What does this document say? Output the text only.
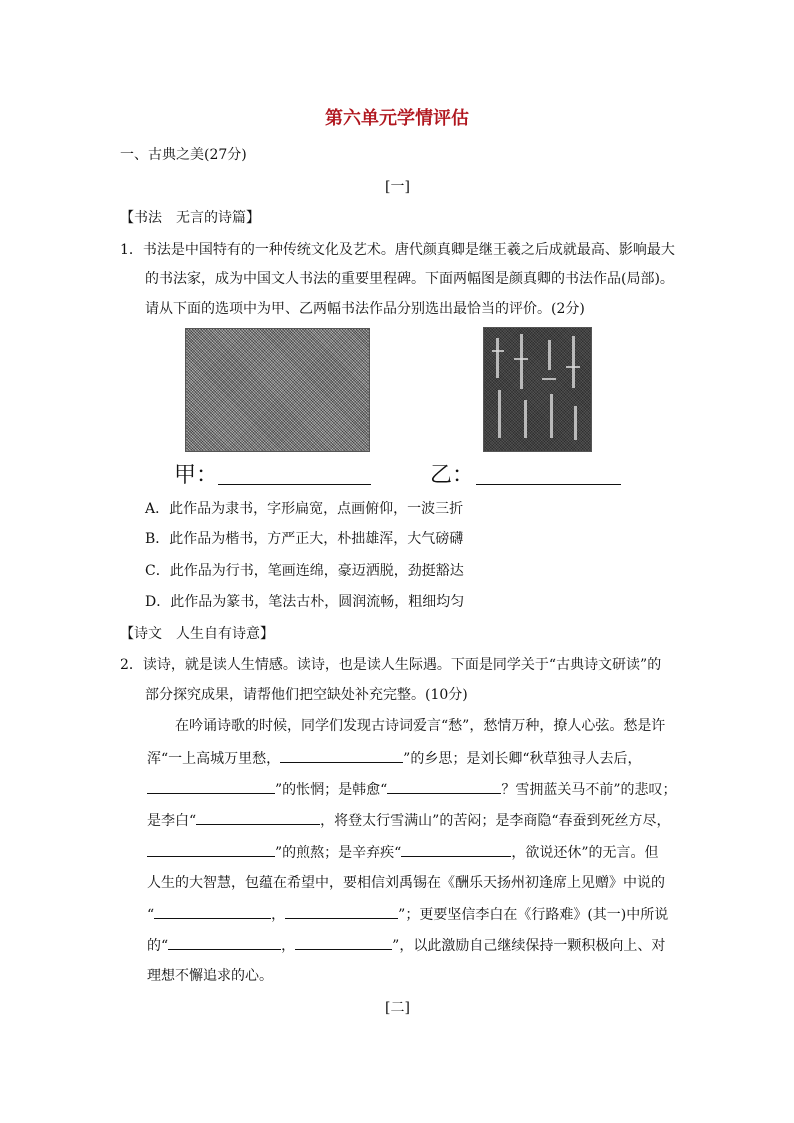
第六单元学情评估
一、古典之美(27分)
[一]
【书法　无言的诗篇】
1．书法是中国特有的一种传统文化及艺术。唐代颜真卿是继王羲之后成就最高、影响最大
的书法家，成为中国文人书法的重要里程碑。下面两幅图是颜真卿的书法作品(局部)。
请从下面的选项中为甲、乙两幅书法作品分别选出最恰当的评价。(2分)
甲：	乙：
A．此作品为隶书，字形扁宽，点画俯仰，一波三折
B．此作品为楷书，方严正大，朴拙雄浑，大气磅礴
C．此作品为行书，笔画连绵，豪迈洒脱，劲挺豁达
D．此作品为篆书，笔法古朴，圆润流畅，粗细均匀
【诗文　人生自有诗意】
2．读诗，就是读人生情感。读诗，也是读人生际遇。下面是同学关于“古典诗文研读”的
部分探究成果，请帮他们把空缺处补充完整。(10分)
在吟诵诗歌的时候，同学们发现古诗词爱言“愁”，愁情万种，撩人心弦。愁是许
浑“一上高城万里愁，	”的乡思；是刘长卿“秋草独寻人去后，
”的怅惘；是韩愈“	？雪拥蓝关马不前”的悲叹；
是李白“	，将登太行雪满山”的苦闷；是李商隐“春蚕到死丝方尽，
”的煎熬；是辛弃疾“	，欲说还休”的无言。但
人生的大智慧，包蕴在希望中，要相信刘禹锡在《酬乐天扬州初逢席上见赠》中说的
“	，	”；更要坚信李白在《行路难》(其一)中所说
的“	，	”，以此激励自己继续保持一颗积极向上、对
理想不懈追求的心。
[二]
